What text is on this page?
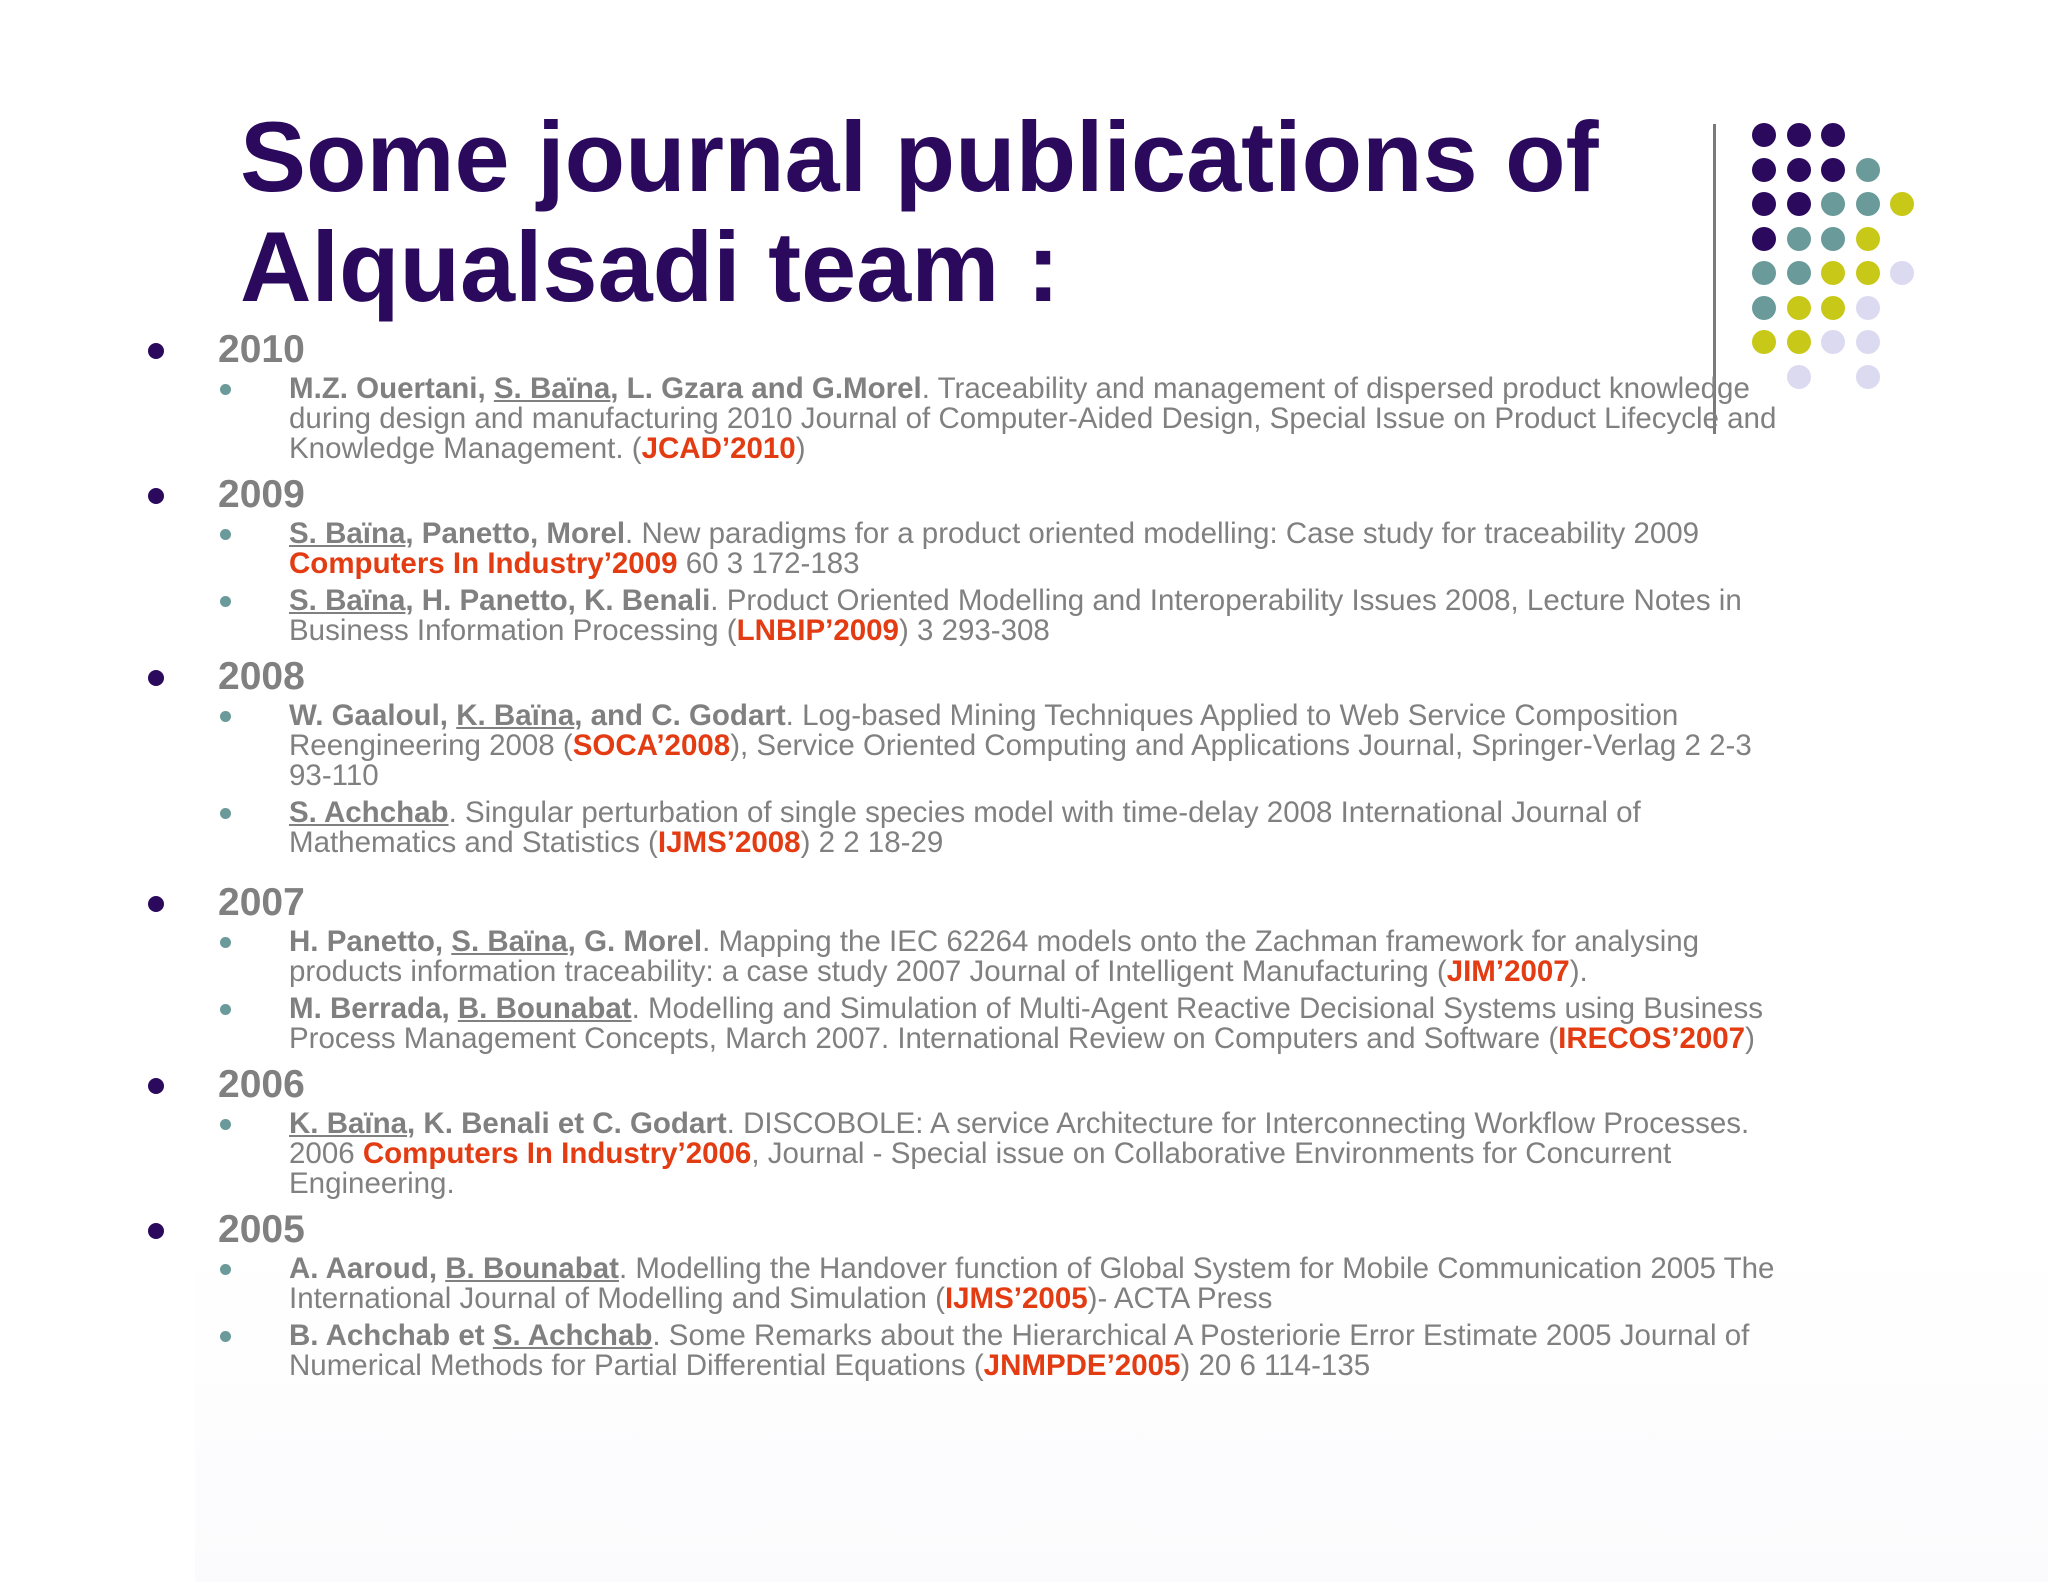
Some journal publications of Alqualsadi team :
2010
M.Z. Ouertani, S. Baïna, L. Gzara and G.Morel. Traceability and management of dispersed product knowledge during design and manufacturing 2010 Journal of Computer-Aided Design, Special Issue on Product Lifecycle and Knowledge Management. (JCAD’2010)
2009
S. Baïna, Panetto, Morel. New paradigms for a product oriented modelling: Case study for traceability 2009 Computers In Industry’2009 60 3 172-183
S. Baïna, H. Panetto, K. Benali. Product Oriented Modelling and Interoperability Issues 2008, Lecture Notes in Business Information Processing (LNBIP’2009) 3 293-308
2008
W. Gaaloul, K. Baïna, and C. Godart. Log-based Mining Techniques Applied to Web Service Composition Reengineering 2008 (SOCA’2008), Service Oriented Computing and Applications Journal, Springer-Verlag 2 2-3 93-110
S. Achchab. Singular perturbation of single species model with time-delay 2008 International Journal of Mathematics and Statistics (IJMS’2008) 2 2 18-29
2007
H. Panetto, S. Baïna, G. Morel. Mapping the IEC 62264 models onto the Zachman framework for analysing products information traceability: a case study 2007 Journal of Intelligent Manufacturing (JIM’2007).
M. Berrada, B. Bounabat. Modelling and Simulation of Multi-Agent Reactive Decisional Systems using Business Process Management Concepts, March 2007. International Review on Computers and Software (IRECOS’2007)
2006
K. Baïna, K. Benali et C. Godart. DISCOBOLE: A service Architecture for Interconnecting Workflow Processes. 2006 Computers In Industry’2006, Journal - Special issue on Collaborative Environments for Concurrent Engineering.
2005
A. Aaroud, B. Bounabat. Modelling the Handover function of Global System for Mobile Communication 2005 The International Journal of Modelling and Simulation (IJMS’2005)- ACTA Press
B. Achchab et S. Achchab. Some Remarks about the Hierarchical A Posteriorie Error Estimate 2005 Journal of Numerical Methods for Partial Differential Equations (JNMPDE’2005) 20 6 114-135
